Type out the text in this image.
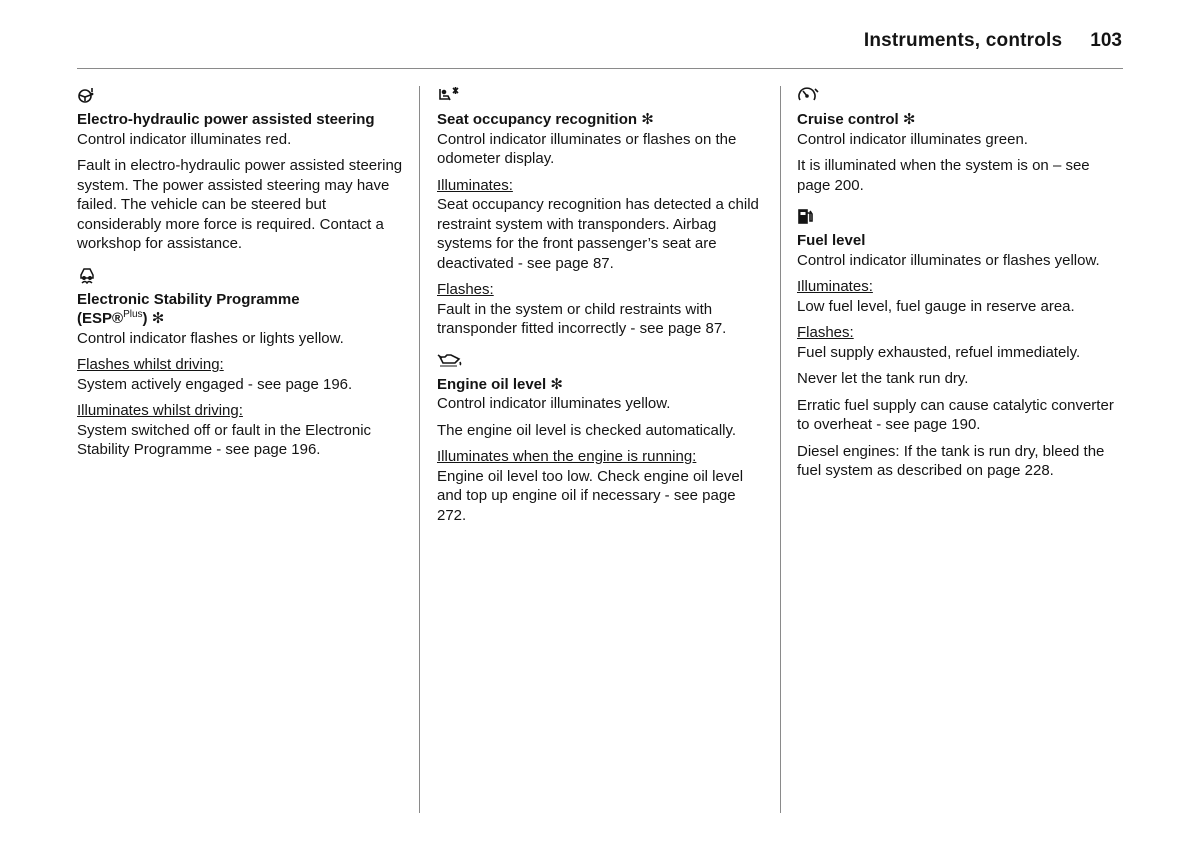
Instruments, controls 103

Electro-hydraulic power assisted steering

Control indicator illuminates red.

Fault in electro-hydraulic power assisted steering system. The power assisted steering may have failed. The vehicle can be steered but considerably more force is required. Contact a workshop for assistance.

Electronic Stability Programme

(ESP®$^{Plus}$) ✻

Control indicator flashes or lights yellow.

Flashes whilst driving:

System actively engaged - see page 196.

Illuminates whilst driving:

System switched off or fault in the Electronic Stability Programme - see page 196.

Seat occupancy recognition ✻

Control indicator illuminates or flashes on the odometer display.

Illuminates:

Seat occupancy recognition has detected a child restraint system with transponders. Airbag systems for the front passenger’s seat are deactivated - see page 87.

Flashes:

Fault in the system or child restraints with transponder fitted incorrectly - see page 87.

Engine oil level ✻

Control indicator illuminates yellow.

The engine oil level is checked automatically.

Illuminates when the engine is running:

Engine oil level too low. Check engine oil level and top up engine oil if necessary - see page 272.

Cruise control ✻

Control indicator illuminates green.

It is illuminated when the system is on – see page 200.

Fuel level

Control indicator illuminates or flashes yellow.

Illuminates:

Low fuel level, fuel gauge in reserve area.

Flashes:

Fuel supply exhausted, refuel immediately.

Never let the tank run dry.

Erratic fuel supply can cause catalytic converter to overheat - see page 190.

Diesel engines: If the tank is run dry, bleed the fuel system as described on page 228.
